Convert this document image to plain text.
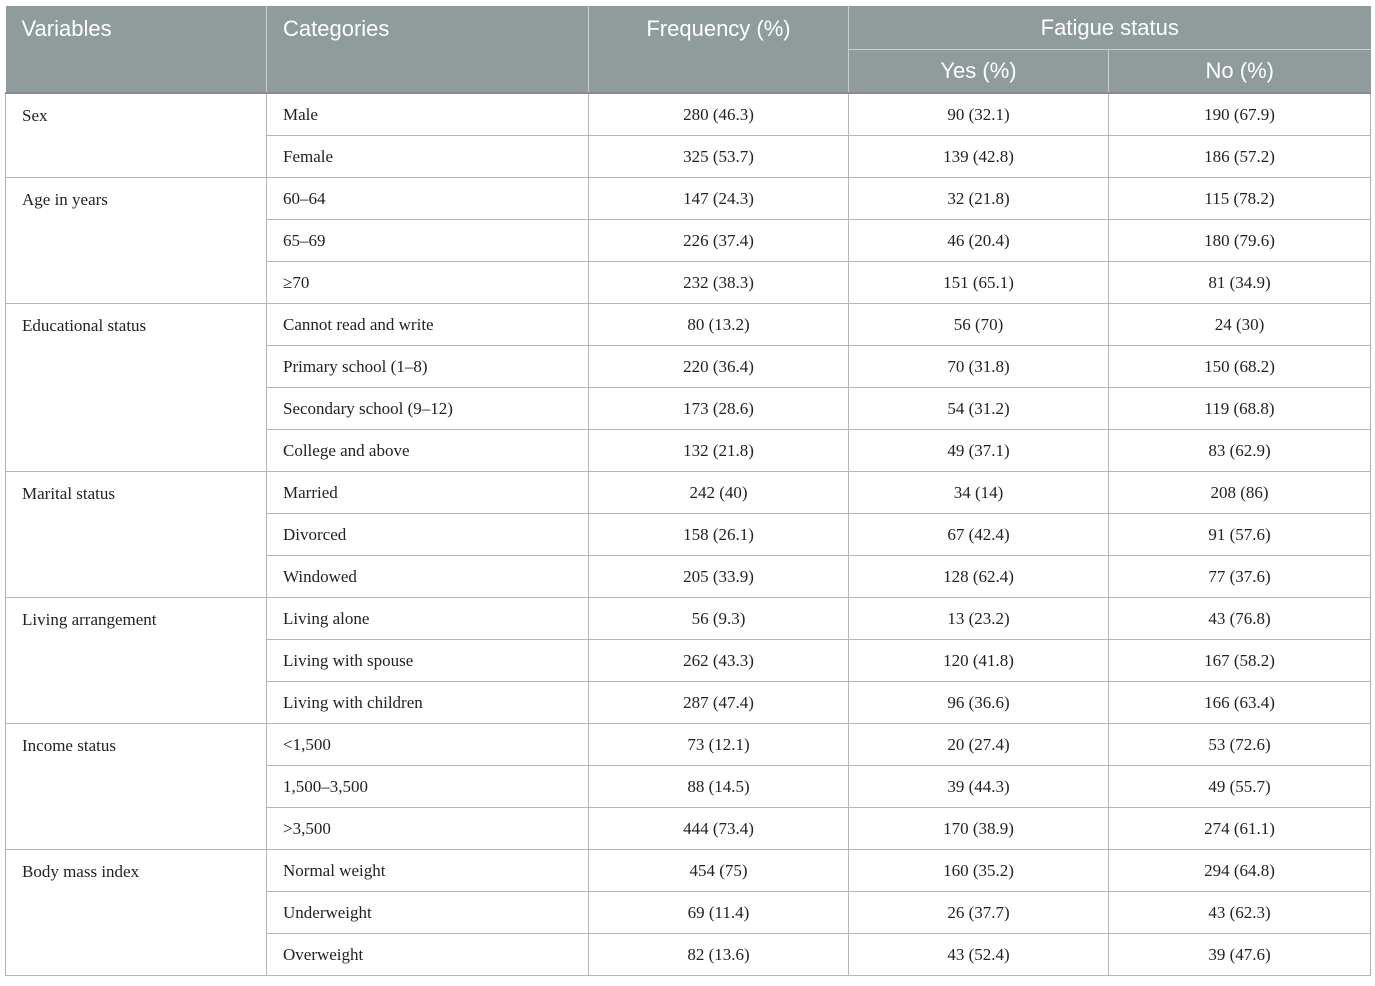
Variables	Categories	Frequency (%)	Fatigue status	
			Yes (%)	No (%)
Sex	Male	280 (46.3)	90 (32.1)	190 (67.9)
	Female	325 (53.7)	139 (42.8)	186 (57.2)
Age in years	60–64	147 (24.3)	32 (21.8)	115 (78.2)
	65–69	226 (37.4)	46 (20.4)	180 (79.6)
	≥70	232 (38.3)	151 (65.1)	81 (34.9)
Educational status	Cannot read and write	80 (13.2)	56 (70)	24 (30)
	Primary school (1–8)	220 (36.4)	70 (31.8)	150 (68.2)
	Secondary school (9–12)	173 (28.6)	54 (31.2)	119 (68.8)
	College and above	132 (21.8)	49 (37.1)	83 (62.9)
Marital status	Married	242 (40)	34 (14)	208 (86)
	Divorced	158 (26.1)	67 (42.4)	91 (57.6)
	Windowed	205 (33.9)	128 (62.4)	77 (37.6)
Living arrangement	Living alone	56 (9.3)	13 (23.2)	43 (76.8)
	Living with spouse	262 (43.3)	120 (41.8)	167 (58.2)
	Living with children	287 (47.4)	96 (36.6)	166 (63.4)
Income status	<1,500	73 (12.1)	20 (27.4)	53 (72.6)
	1,500–3,500	88 (14.5)	39 (44.3)	49 (55.7)
	>3,500	444 (73.4)	170 (38.9)	274 (61.1)
Body mass index	Normal weight	454 (75)	160 (35.2)	294 (64.8)
	Underweight	69 (11.4)	26 (37.7)	43 (62.3)
	Overweight	82 (13.6)	43 (52.4)	39 (47.6)
